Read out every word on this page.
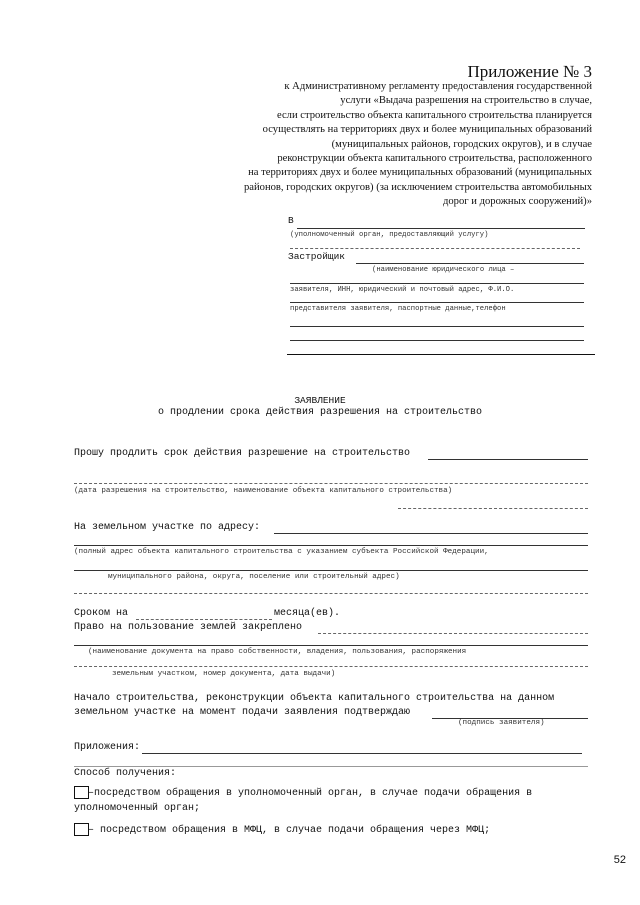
Приложение № 3
к Административному регламенту предоставления государственной
услуги «Выдача разрешения на строительство в случае,
если строительство объекта капитального строительства планируется
осуществлять на территориях двух и более муниципальных образований
(муниципальных районов, городских округов), и в случае
реконструкции объекта капитального строительства, расположенного
на территориях двух и более муниципальных образований (муниципальных
районов, городских округов) (за исключением строительства автомобильных
дорог и дорожных сооружений)»
В
(уполномоченный орган, предоставляющий услугу)
Застройщик
(наименование юридического лица –
заявителя, ИНН, юридический и почтовый адрес, Ф.И.О.
представителя заявителя, паспортные данные,телефон
ЗАЯВЛЕНИЕ
о продлении срока действия разрешения на строительство
Прошу продлить срок действия разрешение на строительство
(дата разрешения на строительство, наименование объекта капитального строительства)
На земельном участке по адресу:
(полный адрес объекта капитального строительства с указанием субъекта Российской Федерации,
муниципального района, округа, поселение или строительный адрес)
Сроком на	месяца(ев).
Право на пользование землей закреплено
(наименование документа на право собственности, владения, пользования, распоряжения
земельным участком, номер документа, дата выдачи)
Начало строительства, реконструкции объекта капитального строительства на данном
земельном участке на момент подачи заявления подтверждаю
(подпись заявителя)
Приложения:
Способ получения:
–посредством обращения в уполномоченный орган, в случае подачи обращения в
уполномоченный орган;
– посредством обращения в МФЦ, в случае подачи обращения через МФЦ;
52
